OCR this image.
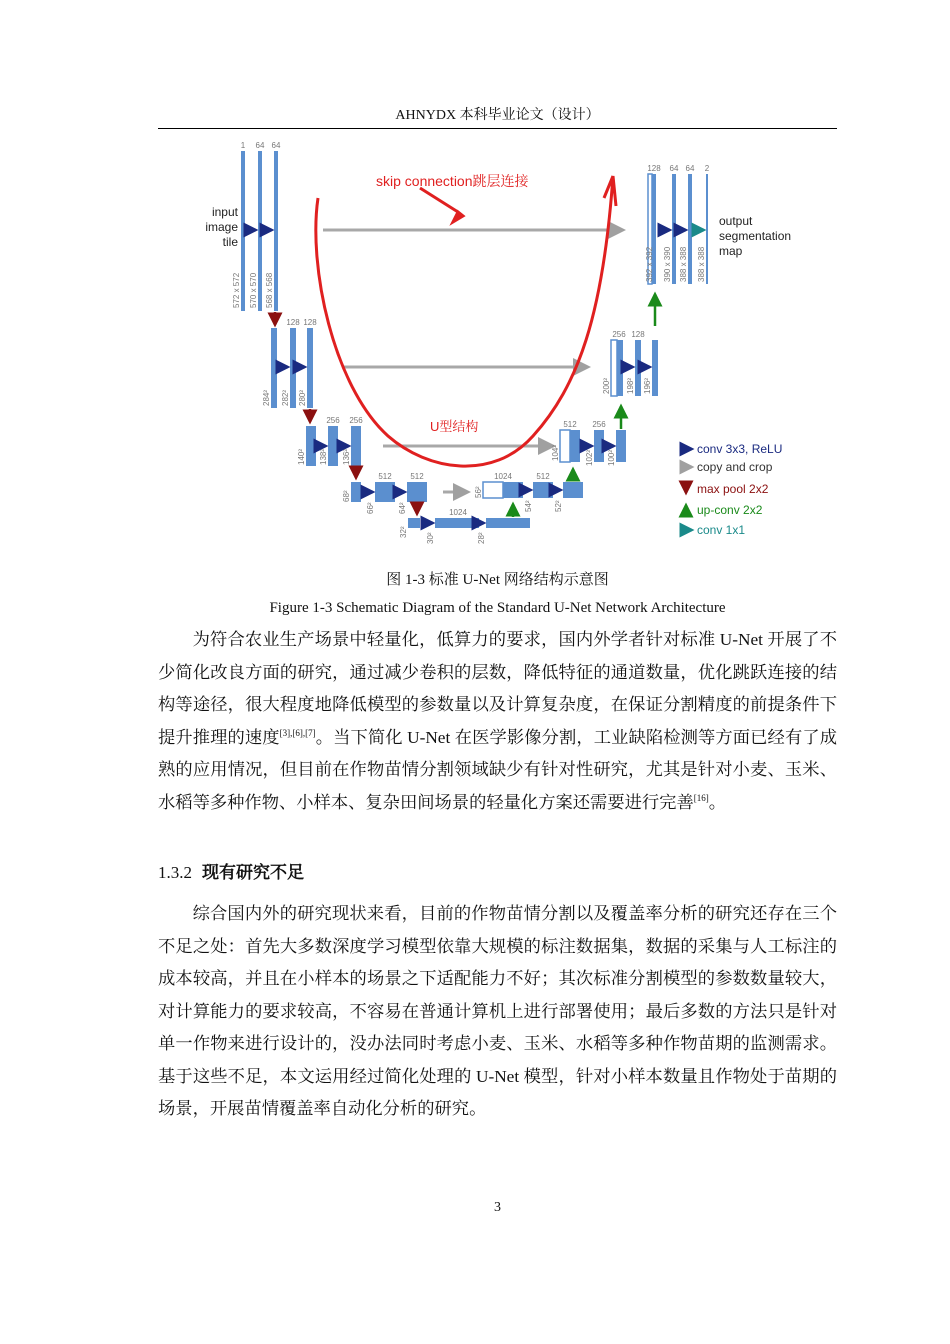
AHNYDX 本科毕业论文（设计）
1 64 64
572 x 572 570 x 570 568 x 568
input
image
tile
128 128
284² 282² 280²
256 256
140² 138² 136²
512 512
68²
66²	64²	1024
32²
30²	28²
1024	512
56²
54²	52²
512 256
104²	102² 100²
256 128
200² 198² 196²
128 64 64 2
392 x 392 390 x 390 388 x 388 388 x 388
output
segmentation
map
skip connection跳层连接
U型结构
conv 3x3, ReLU
copy and crop
max pool 2x2
up-conv 2x2
conv 1x1
图 1-3 标准 U-Net 网络结构示意图
Figure 1-3 Schematic Diagram of the Standard U-Net Network Architecture

为符合农业生产场景中轻量化，低算力的要求，国内外学者针对标准 U-Net 开展了不少简化改良方面的研究，通过减少卷积的层数，降低特征的通道数量，优化跳跃连接的结构等途径，很大程度地降低模型的参数量以及计算复杂度，在保证分割精度的前提条件下提升推理的速度[3],[6],[7]。当下简化 U-Net 在医学影像分割，工业缺陷检测等方面已经有了成熟的应用情况，但目前在作物苗情分割领域缺少有针对性研究，尤其是针对小麦、玉米、水稻等多种作物、小样本、复杂田间场景的轻量化方案还需要进行完善[16]。

1.3.2 现有研究不足

综合国内外的研究现状来看，目前的作物苗情分割以及覆盖率分析的研究还存在三个不足之处：首先大多数深度学习模型依靠大规模的标注数据集，数据的采集与人工标注的成本较高，并且在小样本的场景之下适配能力不好；其次标准分割模型的参数数量较大，对计算能力的要求较高，不容易在普通计算机上进行部署使用；最后多数的方法只是针对单一作物来进行设计的，没办法同时考虑小麦、玉米、水稻等多种作物苗期的监测需求。基于这些不足，本文运用经过简化处理的 U-Net 模型，针对小样本数量且作物处于苗期的场景，开展苗情覆盖率自动化分析的研究。

3
